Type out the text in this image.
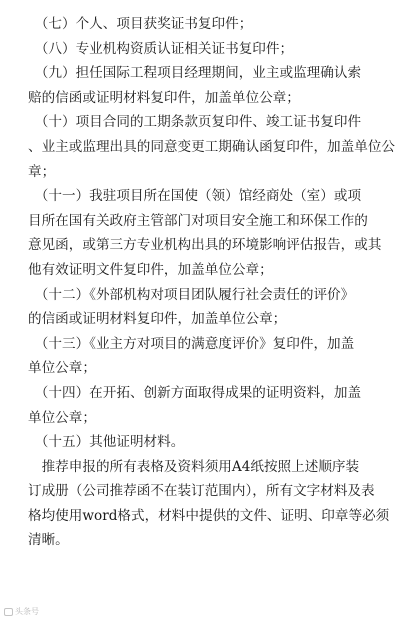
　（七）个人、项目获奖证书复印件；

　（八）专业机构资质认证相关证书复印件；

　（九）担任国际工程项目经理期间，业主或监理确认索
赔的信函或证明材料复印件，加盖单位公章；

　（十）项目合同的工期条款页复印件、竣工证书复印件
、业主或监理出具的同意变更工期确认函复印件，加盖单位公
章；

　（十一）我驻项目所在国使（领）馆经商处（室）或项
目所在国有关政府主管部门对项目安全施工和环保工作的
意见函，或第三方专业机构出具的环境影响评估报告，或其
他有效证明文件复印件，加盖单位公章；

　（十二）《外部机构对项目团队履行社会责任的评价》
的信函或证明材料复印件，加盖单位公章；

　（十三）《业主方对项目的满意度评价》复印件，加盖
单位公章；

　（十四）在开拓、创新方面取得成果的证明资料，加盖
单位公章；

　（十五）其他证明材料。

　推荐申报的所有表格及资料须用A4纸按照上述顺序装
订成册（公司推荐函不在装订范围内），所有文字材料及表
格均使用word格式，材料中提供的文件、证明、印章等必须
清晰。

头条号
